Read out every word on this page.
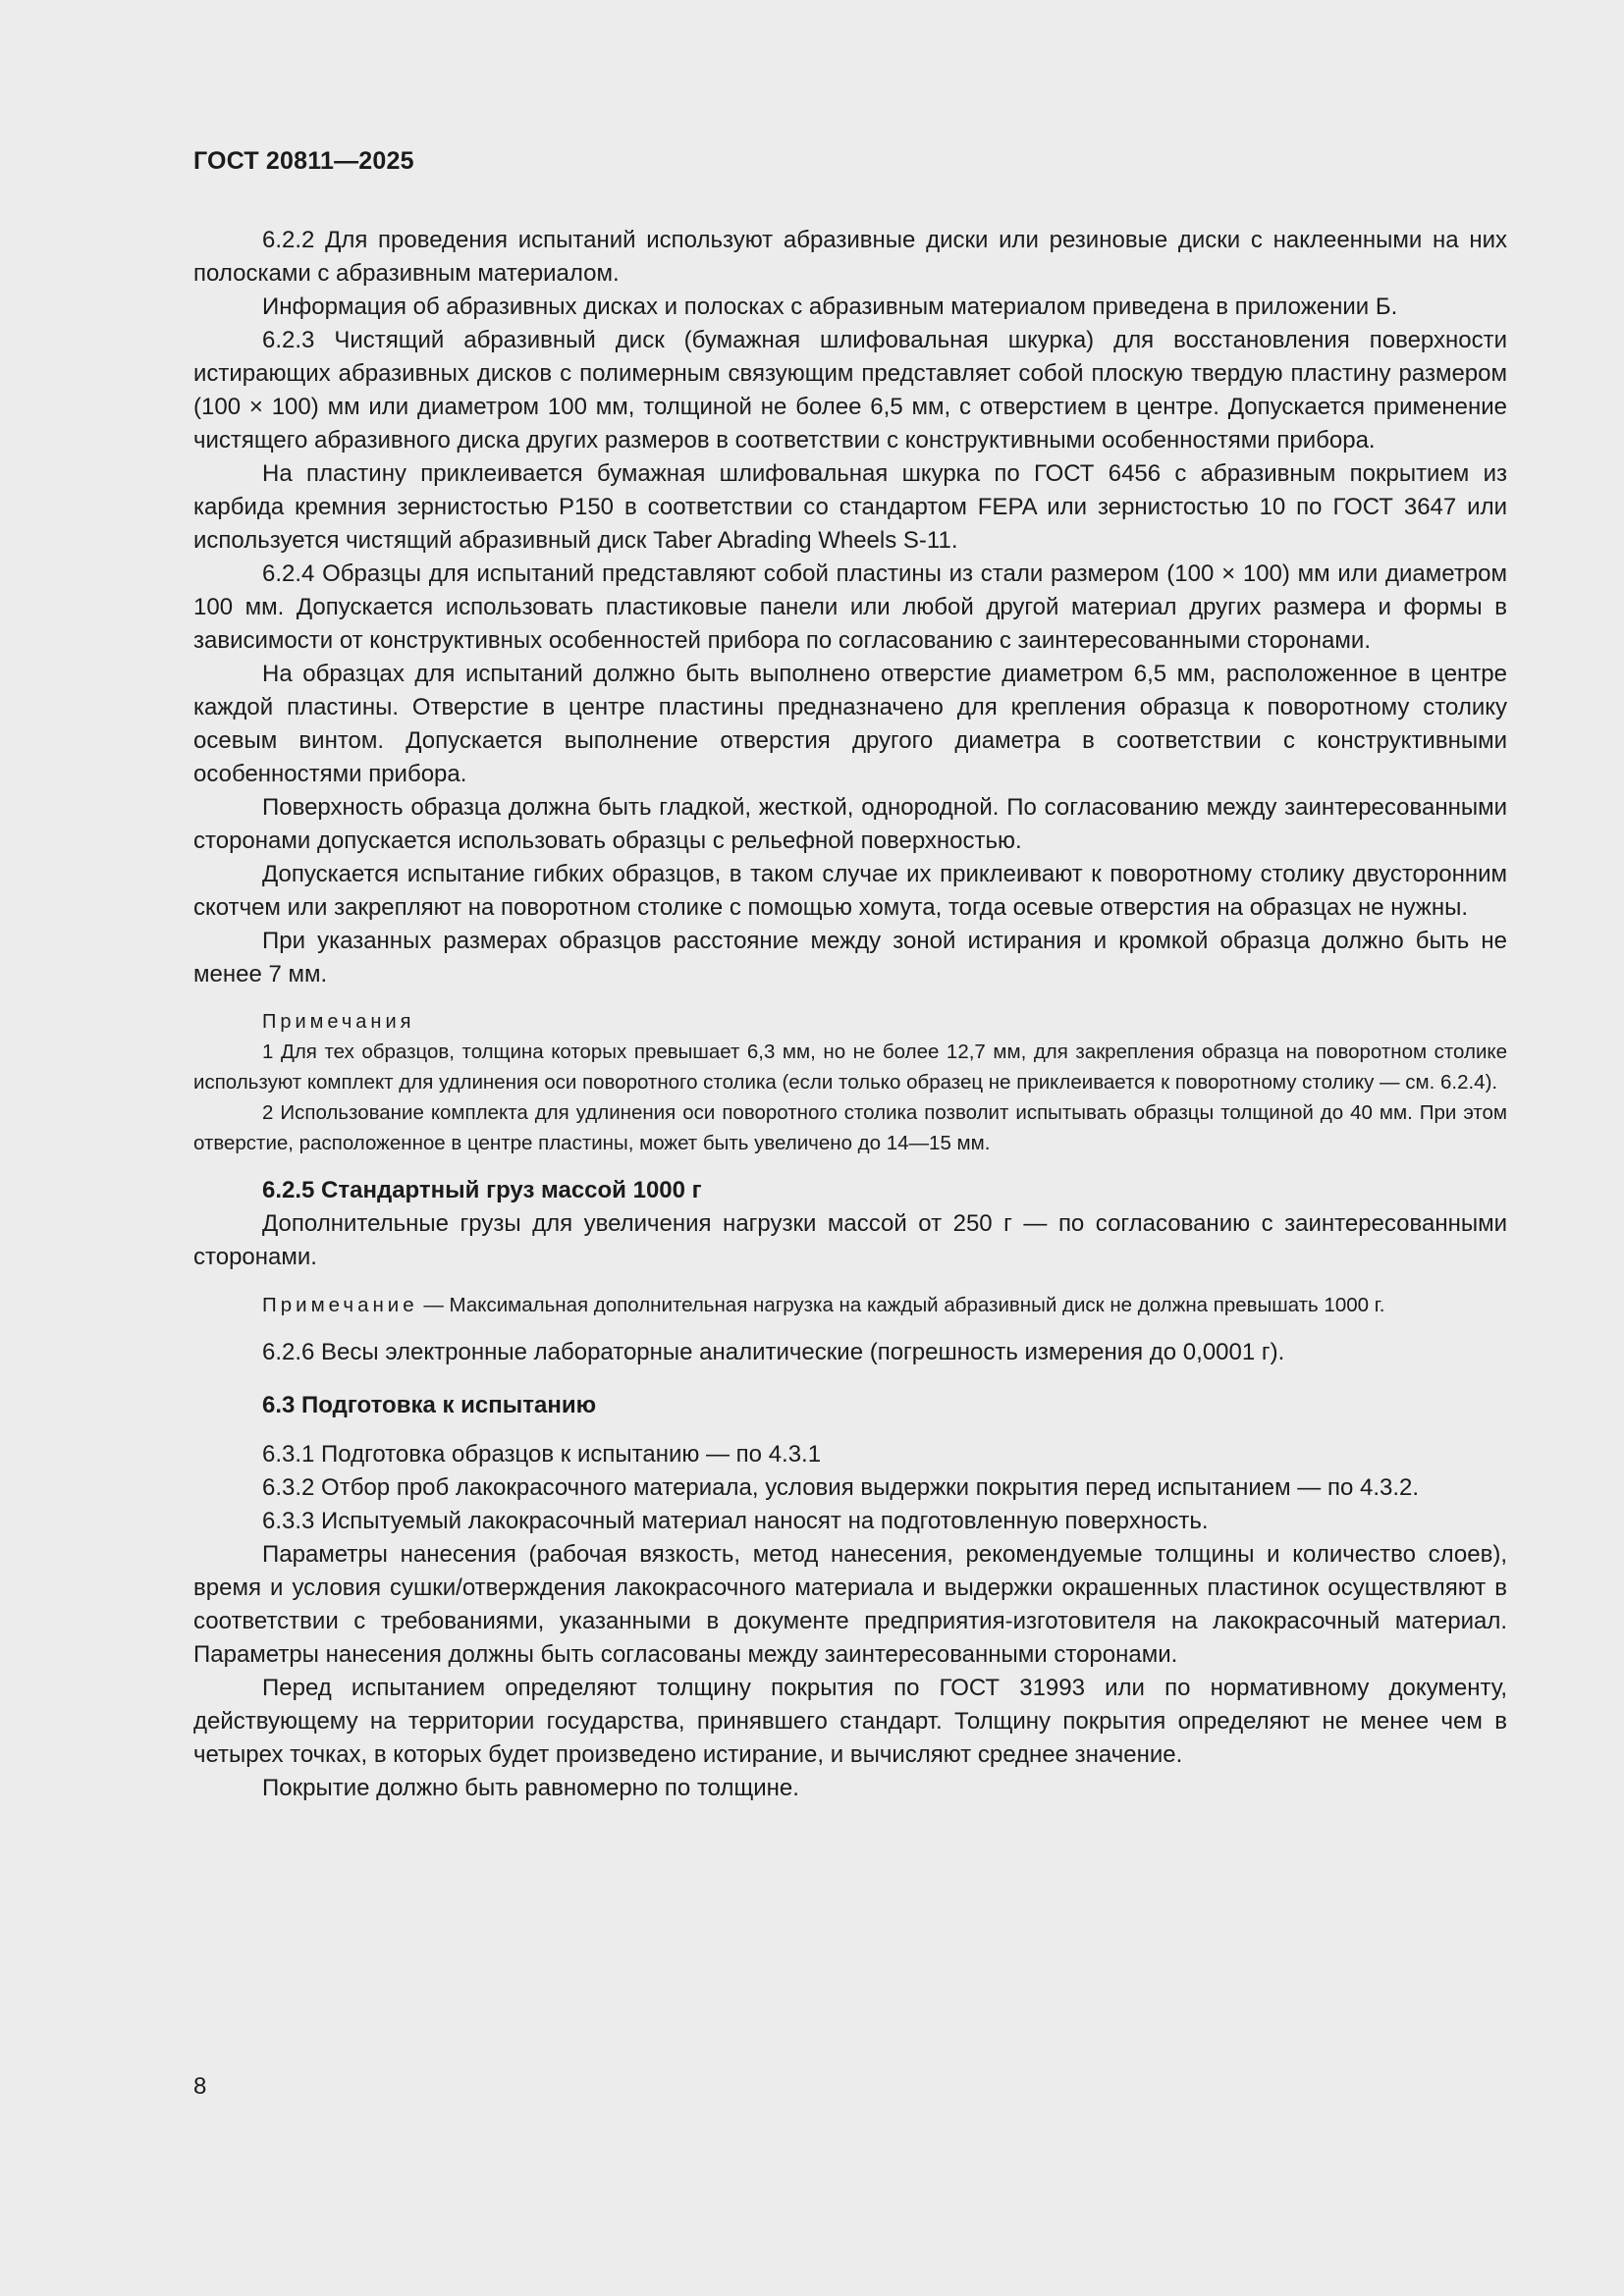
ГОСТ 20811—2025

6.2.2 Для проведения испытаний используют абразивные диски или резиновые диски с наклеенными на них полосками с абразивным материалом.

Информация об абразивных дисках и полосках с абразивным материалом приведена в приложении Б.

6.2.3 Чистящий абразивный диск (бумажная шлифовальная шкурка) для восстановления поверхности истирающих абразивных дисков с полимерным связующим представляет собой плоскую твердую пластину размером (100 × 100) мм или диаметром 100 мм, толщиной не более 6,5 мм, с отверстием в центре. Допускается применение чистящего абразивного диска других размеров в соответствии с конструктивными особенностями прибора.

На пластину приклеивается бумажная шлифовальная шкурка по ГОСТ 6456 с абразивным покрытием из карбида кремния зернистостью Р150 в соответствии со стандартом FEPA или зернистостью 10 по ГОСТ 3647 или используется чистящий абразивный диск Taber Abrading Wheels S-11.

6.2.4 Образцы для испытаний представляют собой пластины из стали размером (100 × 100) мм или диаметром 100 мм. Допускается использовать пластиковые панели или любой другой материал других размера и формы в зависимости от конструктивных особенностей прибора по согласованию с заинтересованными сторонами.

На образцах для испытаний должно быть выполнено отверстие диаметром 6,5 мм, расположенное в центре каждой пластины. Отверстие в центре пластины предназначено для крепления образца к поворотному столику осевым винтом. Допускается выполнение отверстия другого диаметра в соответствии с конструктивными особенностями прибора.

Поверхность образца должна быть гладкой, жесткой, однородной. По согласованию между заинтересованными сторонами допускается использовать образцы с рельефной поверхностью.

Допускается испытание гибких образцов, в таком случае их приклеивают к поворотному столику двусторонним скотчем или закрепляют на поворотном столике с помощью хомута, тогда осевые отверстия на образцах не нужны.

При указанных размерах образцов расстояние между зоной истирания и кромкой образца должно быть не менее 7 мм.

Примечания

1 Для тех образцов, толщина которых превышает 6,3 мм, но не более 12,7 мм, для закрепления образца на поворотном столике используют комплект для удлинения оси поворотного столика (если только образец не приклеивается к поворотному столику — см. 6.2.4).

2 Использование комплекта для удлинения оси поворотного столика позволит испытывать образцы толщиной до 40 мм. При этом отверстие, расположенное в центре пластины, может быть увеличено до 14—15 мм.

6.2.5 Стандартный груз массой 1000 г

Дополнительные грузы для увеличения нагрузки массой от 250 г — по согласованию с заинтересованными сторонами.

Примечание — Максимальная дополнительная нагрузка на каждый абразивный диск не должна превышать 1000 г.

6.2.6 Весы электронные лабораторные аналитические (погрешность измерения до 0,0001 г).

6.3 Подготовка к испытанию

6.3.1 Подготовка образцов к испытанию — по 4.3.1

6.3.2 Отбор проб лакокрасочного материала, условия выдержки покрытия перед испытанием — по 4.3.2.

6.3.3 Испытуемый лакокрасочный материал наносят на подготовленную поверхность.

Параметры нанесения (рабочая вязкость, метод нанесения, рекомендуемые толщины и количество слоев), время и условия сушки/отверждения лакокрасочного материала и выдержки окрашенных пластинок осуществляют в соответствии с требованиями, указанными в документе предприятия-изготовителя на лакокрасочный материал. Параметры нанесения должны быть согласованы между заинтересованными сторонами.

Перед испытанием определяют толщину покрытия по ГОСТ 31993 или по нормативному документу, действующему на территории государства, принявшего стандарт. Толщину покрытия определяют не менее чем в четырех точках, в которых будет произведено истирание, и вычисляют среднее значение.

Покрытие должно быть равномерно по толщине.

8
